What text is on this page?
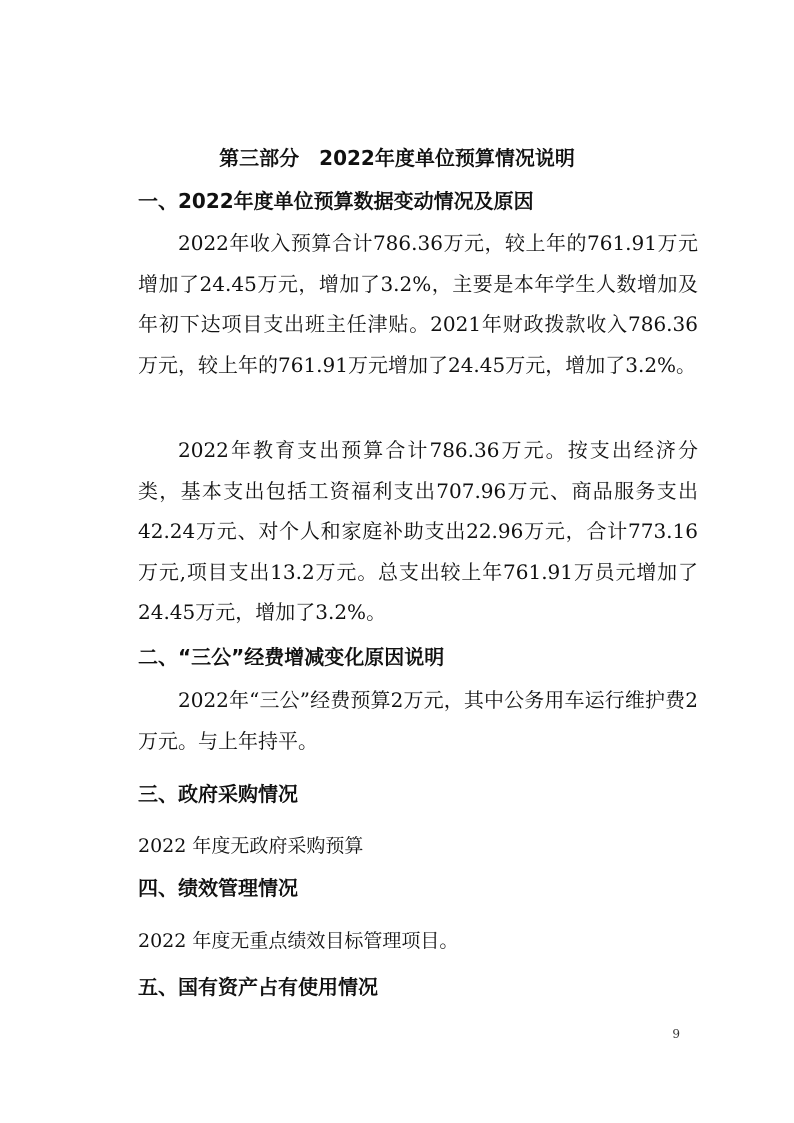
第三部分　2022年度单位预算情况说明
一、2022年度单位预算数据变动情况及原因

2022年收入预算合计786.36万元，较上年的761.91万元增加了24.45万元，增加了3.2%，主要是本年学生人数增加及年初下达项目支出班主任津贴。2021年财政拨款收入786.36万元，较上年的761.91万元增加了24.45万元，增加了3.2%。

2022年教育支出预算合计786.36万元。按支出经济分类，基本支出包括工资福利支出707.96万元、商品服务支出42.24万元、对个人和家庭补助支出22.96万元，合计773.16万元,项目支出13.2万元。总支出较上年761.91万员元增加了24.45万元，增加了3.2%。

二、“三公”经费增减变化原因说明

2022年“三公”经费预算2万元，其中公务用车运行维护费2万元。与上年持平。

三、政府采购情况
2022 年度无政府采购预算
四、绩效管理情况
2022 年度无重点绩效目标管理项目。
五、国有资产占有使用情况
9
